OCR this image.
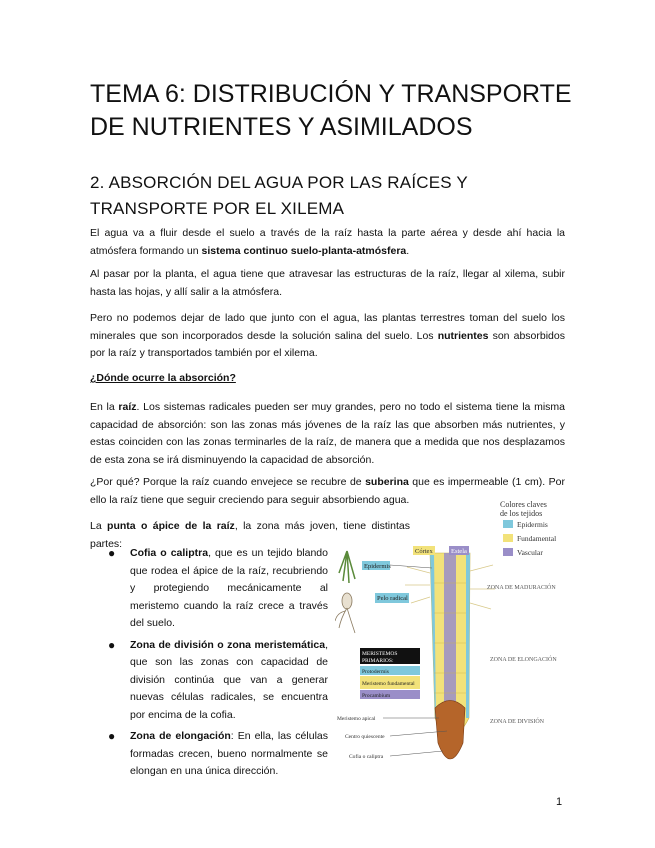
TEMA 6: DISTRIBUCIÓN Y TRANSPORTE DE NUTRIENTES Y ASIMILADOS
2. ABSORCIÓN DEL AGUA POR LAS RAÍCES Y TRANSPORTE POR EL XILEMA

El agua va a fluir desde el suelo a través de la raíz hasta la parte aérea y desde ahí hacia la atmósfera formando un sistema continuo suelo-planta-atmósfera.

Al pasar por la planta, el agua tiene que atravesar las estructuras de la raíz, llegar al xilema, subir hasta las hojas, y allí salir a la atmósfera.

Pero no podemos dejar de lado que junto con el agua, las plantas terrestres toman del suelo los minerales que son incorporados desde la solución salina del suelo. Los nutrientes son absorbidos por la raíz y transportados también por el xilema.

¿Dónde ocurre la absorción?

En la raíz. Los sistemas radicales pueden ser muy grandes, pero no todo el sistema tiene la misma capacidad de absorción: son las zonas más jóvenes de la raíz las que absorben más nutrientes, y estas coinciden con las zonas terminarles de la raíz, de manera que a medida que nos desplazamos de esta zona se irá disminuyendo la capacidad de absorción.

¿Por qué? Porque la raíz cuando envejece se recubre de suberina que es impermeable (1 cm). Por ello la raíz tiene que seguir creciendo para seguir absorbiendo agua.

La punta o ápice de la raíz, la zona más joven, tiene distintas partes:

● Cofia o caliptra, que es un tejido blando que rodea el ápice de la raíz, recubriendo y protegiendo mecánicamente al meristemo cuando la raíz crece a través del suelo.
● Zona de división o zona meristemática, que son las zonas con capacidad de división continúa que van a generar nuevas células radicales, se encuentra por encima de la cofia.
● Zona de elongación: En ella, las células formadas crecen, bueno normalmente se elongan en una única dirección.
Colores claves
de los tejidos
Epidermis
Fundamental
Vascular
Córtex	Estela
Epidermis
Pelo radical
ZONA DE MADURACIÓN
ZONA DE ELONGACIÓN
ZONA DE DIVISIÓN
MERISTEMOS
PRIMARIOS:
Protodermis
Meristemo fundamental
Procambium
Meristemo apical
Centro quiescente
Cofia o caliptra
1
